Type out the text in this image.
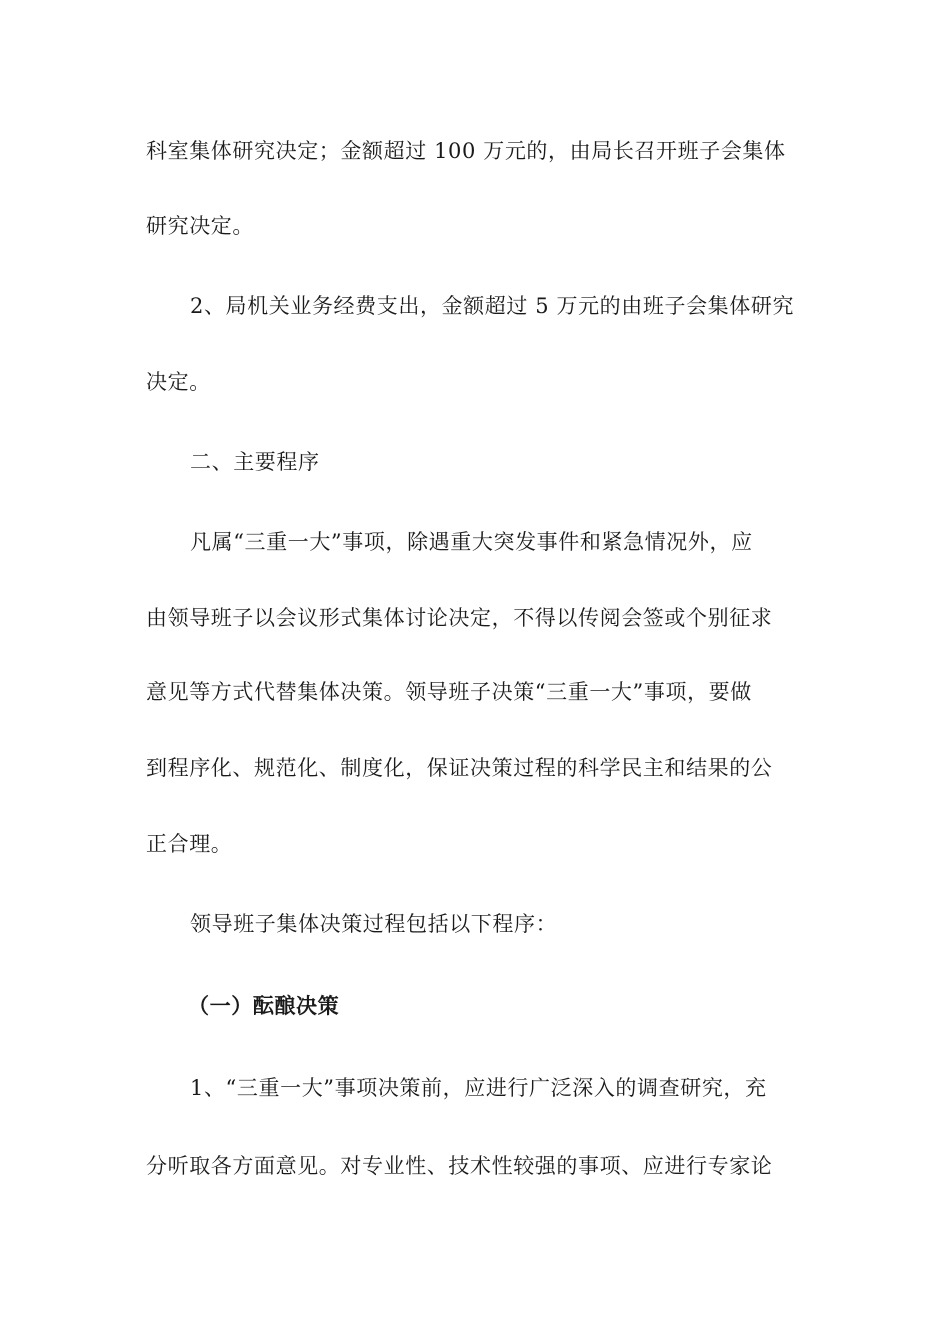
科室集体研究决定；金额超过 100 万元的，由局长召开班子会集体
研究决定。
2、局机关业务经费支出，金额超过 5 万元的由班子会集体研究
决定。
二、主要程序
凡属“三重一大”事项，除遇重大突发事件和紧急情况外，应
由领导班子以会议形式集体讨论决定，不得以传阅会签或个别征求
意见等方式代替集体决策。领导班子决策“三重一大”事项，要做
到程序化、规范化、制度化，保证决策过程的科学民主和结果的公
正合理。
领导班子集体决策过程包括以下程序：
（一）酝酿决策
1、“三重一大”事项决策前，应进行广泛深入的调查研究，充
分听取各方面意见。对专业性、技术性较强的事项、应进行专家论
